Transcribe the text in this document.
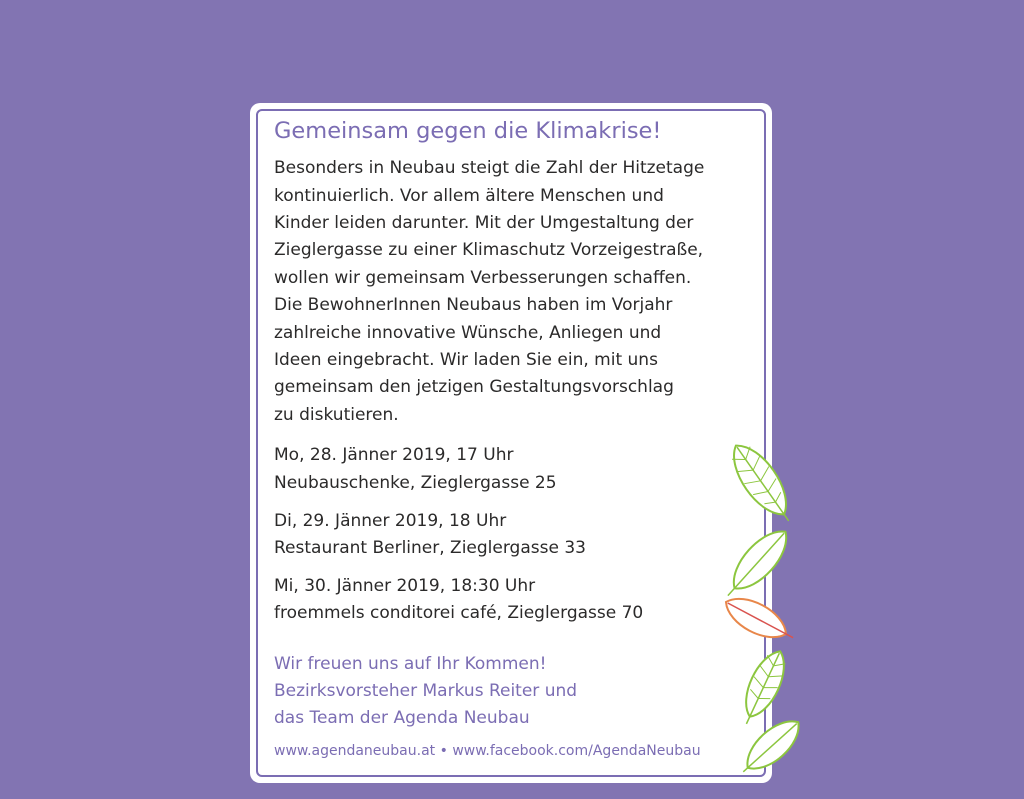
Gemeinsam gegen die Klimakrise!

Besonders in Neubau steigt die Zahl der Hitzetage
kontinuierlich. Vor allem ältere Menschen und
Kinder leiden darunter. Mit der Umgestaltung der
Zieglergasse zu einer Klimaschutz Vorzeigestraße,
wollen wir gemeinsam Verbesserungen schaffen.
Die BewohnerInnen Neubaus haben im Vorjahr
zahlreiche innovative Wünsche, Anliegen und
Ideen eingebracht. Wir laden Sie ein, mit uns
gemeinsam den jetzigen Gestaltungsvorschlag
zu diskutieren.

Mo, 28. Jänner 2019, 17 Uhr
Neubauschenke, Zieglergasse 25
Di, 29. Jänner 2019, 18 Uhr
Restaurant Berliner, Zieglergasse 33
Mi, 30. Jänner 2019, 18:30 Uhr
froemmels conditorei café, Zieglergasse 70

Wir freuen uns auf Ihr Kommen!
Bezirksvorsteher Markus Reiter und
das Team der Agenda Neubau

www.agendaneubau.at • www.facebook.com/AgendaNeubau
